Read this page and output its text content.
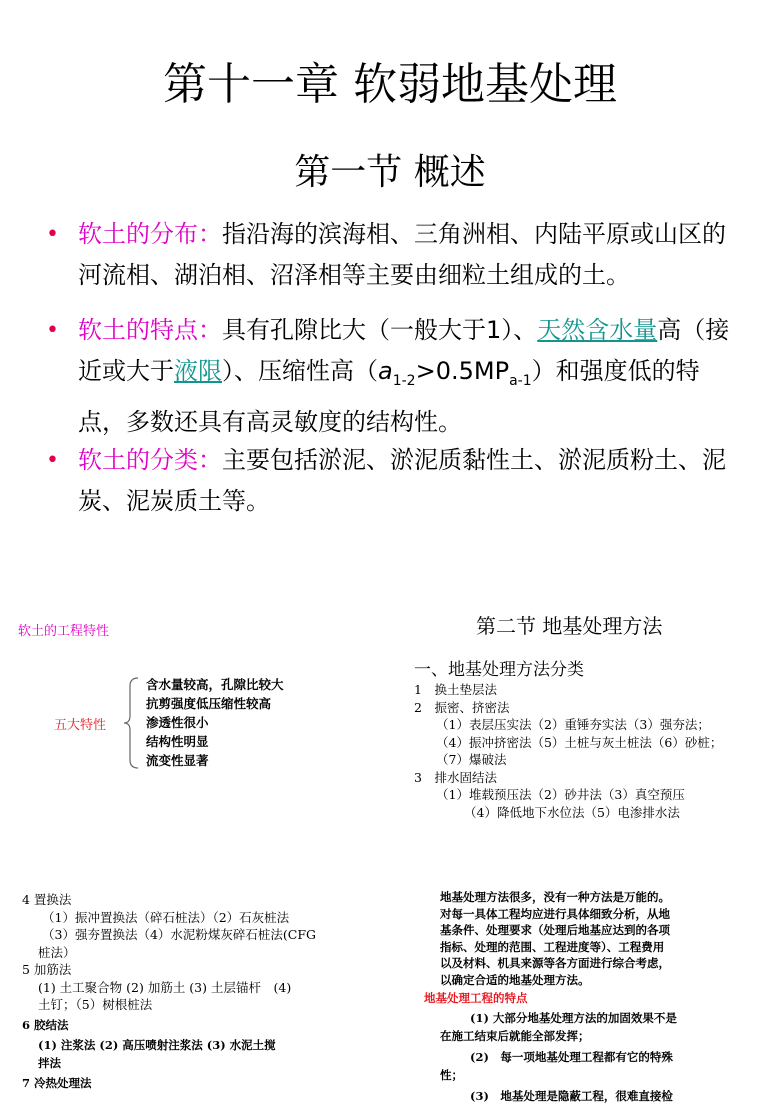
第十一章 软弱地基处理
第一节 概述
• 软土的分布：指沿海的滨海相、三角洲相、内陆平原或山区的河流相、湖泊相、沼泽相等主要由细粒土组成的土。
• 软土的特点：具有孔隙比大（一般大于1）、天然含水量高（接近或大于液限）、压缩性高$(a_{1-2}>0.5MP_{a-1})$和强度低的特点，多数还具有高灵敏度的结构性。
• 软土的分类：主要包括淤泥、淤泥质黏性土、淤泥质粉土、泥炭、泥炭质土等。
软土的工程特性
五大特性
含水量较高，孔隙比较大
抗剪强度低压缩性较高
渗透性很小
结构性明显
流变性显著
第二节 地基处理方法
一、地基处理方法分类
1　换土垫层法
2　振密、挤密法
（1）表层压实法（2）重锤夯实法（3）强夯法；
（4）振冲挤密法（5）土桩与灰土桩法（6）砂桩；
（7）爆破法
3　排水固结法
（1）堆载预压法（2）砂井法（3）真空预压
（4）降低地下水位法（5）电渗排水法
4 置换法
（1）振冲置换法（碎石桩法）（2）石灰桩法
（3）强夯置换法（4）水泥粉煤灰碎石桩法(CFG
桩法）
5 加筋法
(1) 土工聚合物 (2) 加筋土 (3) 土层锚杆　(4)
土钉；（5）树根桩法
6 胶结法
(1) 注浆法 (2) 高压喷射注浆法 (3) 水泥土搅
拌法
7 冷热处理法
地基处理方法很多，没有一种方法是万能的。
对每一具体工程均应进行具体细致分析，从地
基条件、处理要求（处理后地基应达到的各项
指标、处理的范围、工程进度等）、工程费用
以及材料、机具来源等各方面进行综合考虑，
以确定合适的地基处理方法。
地基处理工程的特点
(1) 大部分地基处理方法的加固效果不是
在施工结束后就能全部发挥；
(2)　每一项地基处理工程都有它的特殊
性；
(3)　地基处理是隐蔽工程，很难直接检
